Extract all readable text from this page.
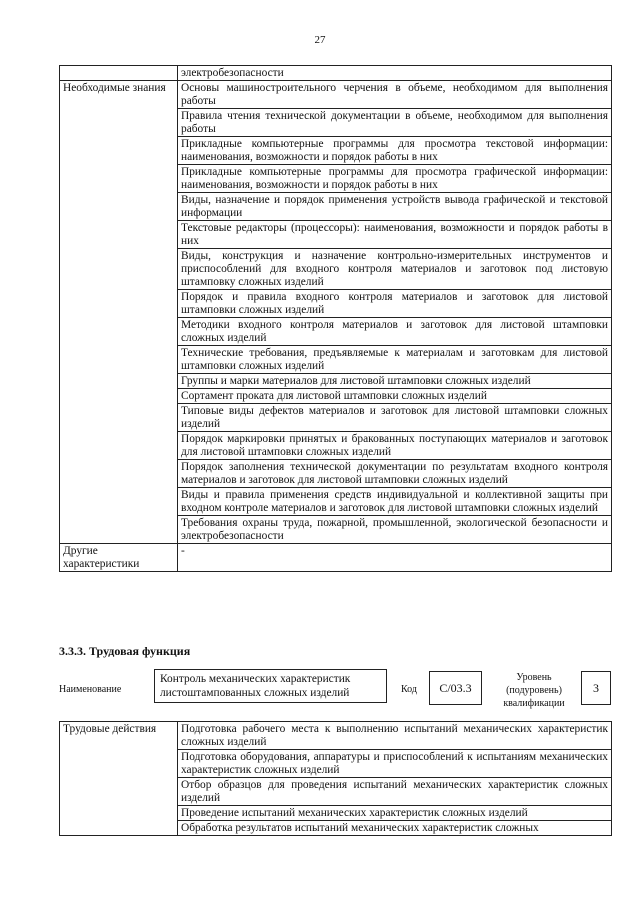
27
	электробезопасности
Необходимые знания	Основы машиностроительного черчения в объеме, необходимом для выполнения работы
	Правила чтения технической документации в объеме, необходимом для выполнения работы
	Прикладные компьютерные программы для просмотра текстовой информации: наименования, возможности и порядок работы в них
	Прикладные компьютерные программы для просмотра графической информации: наименования, возможности и порядок работы в них
	Виды, назначение и порядок применения устройств вывода графической и текстовой информации
	Текстовые редакторы (процессоры): наименования, возможности и порядок работы в них
	Виды, конструкция и назначение контрольно-измерительных инструментов и приспособлений для входного контроля материалов и заготовок под листовую штамповку сложных изделий
	Порядок и правила входного контроля материалов и заготовок для листовой штамповки сложных изделий
	Методики входного контроля материалов и заготовок для листовой штамповки сложных изделий
	Технические требования, предъявляемые к материалам и заготовкам для листовой штамповки сложных изделий
	Группы и марки материалов для листовой штамповки сложных изделий
	Сортамент проката для листовой штамповки сложных изделий
	Типовые виды дефектов материалов и заготовок для листовой штамповки сложных изделий
	Порядок маркировки принятых и бракованных поступающих материалов и заготовок для листовой штамповки сложных изделий
	Порядок заполнения технической документации по результатам входного контроля материалов и заготовок для листовой штамповки сложных изделий
	Виды и правила применения средств индивидуальной и коллективной защиты при входном контроле материалов и заготовок для листовой штамповки сложных изделий
	Требования охраны труда, пожарной, промышленной, экологической безопасности и электробезопасности
Другие характеристики	-
3.3.3. Трудовая функция
Наименование
Контроль механических характеристик листоштампованных сложных изделий	Код	C/03.3
Уровень (подуровень) квалификации
3
Трудовые действия	Подготовка рабочего места к выполнению испытаний механических характеристик сложных изделий
Подготовка оборудования, аппаратуры и приспособлений к испытаниям механических характеристик сложных изделий
Отбор образцов для проведения испытаний механических характеристик сложных изделий
Проведение испытаний механических характеристик сложных изделий
Обработка результатов испытаний механических характеристик сложных
